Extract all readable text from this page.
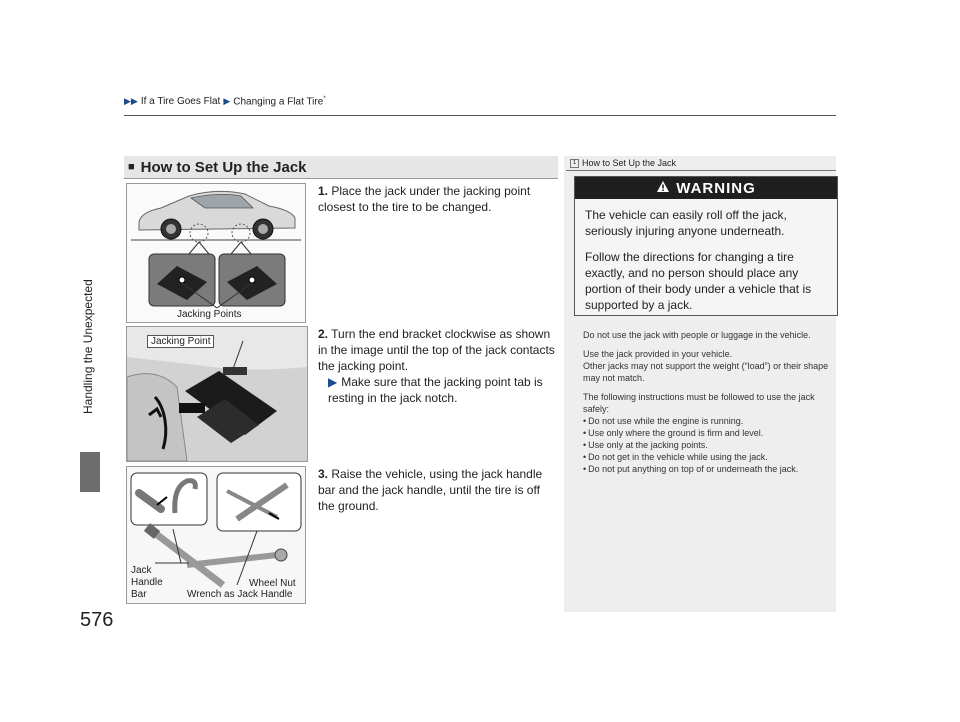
▶▶ If a Tire Goes Flat ▶ Changing a Flat Tire*
Handling the Unexpected
576
■ How to Set Up the Jack
Jacking Points
1. Place the jack under the jacking point closest to the tire to be changed.
Jacking Point
2. Turn the end bracket clockwise as shown in the image until the top of the jack contacts the jacking point.
▶ Make sure that the jacking point tab is resting in the jack notch.
Jack
Handle
Bar
Wheel Nut
Wrench as Jack Handle
3. Raise the vehicle, using the jack handle bar and the jack handle, until the tire is off the ground.
1 How to Set Up the Jack
WARNING

The vehicle can easily roll off the jack, seriously injuring anyone underneath.

Follow the directions for changing a tire exactly, and no person should place any portion of their body under a vehicle that is supported by a jack.

Do not use the jack with people or luggage in the vehicle.

Use the jack provided in your vehicle.
Other jacks may not support the weight (“load”) or their shape may not match.

The following instructions must be followed to use the jack safely:

• Do not use while the engine is running.
• Use only where the ground is firm and level.
• Use only at the jacking points.
• Do not get in the vehicle while using the jack.
• Do not put anything on top of or underneath the jack.
